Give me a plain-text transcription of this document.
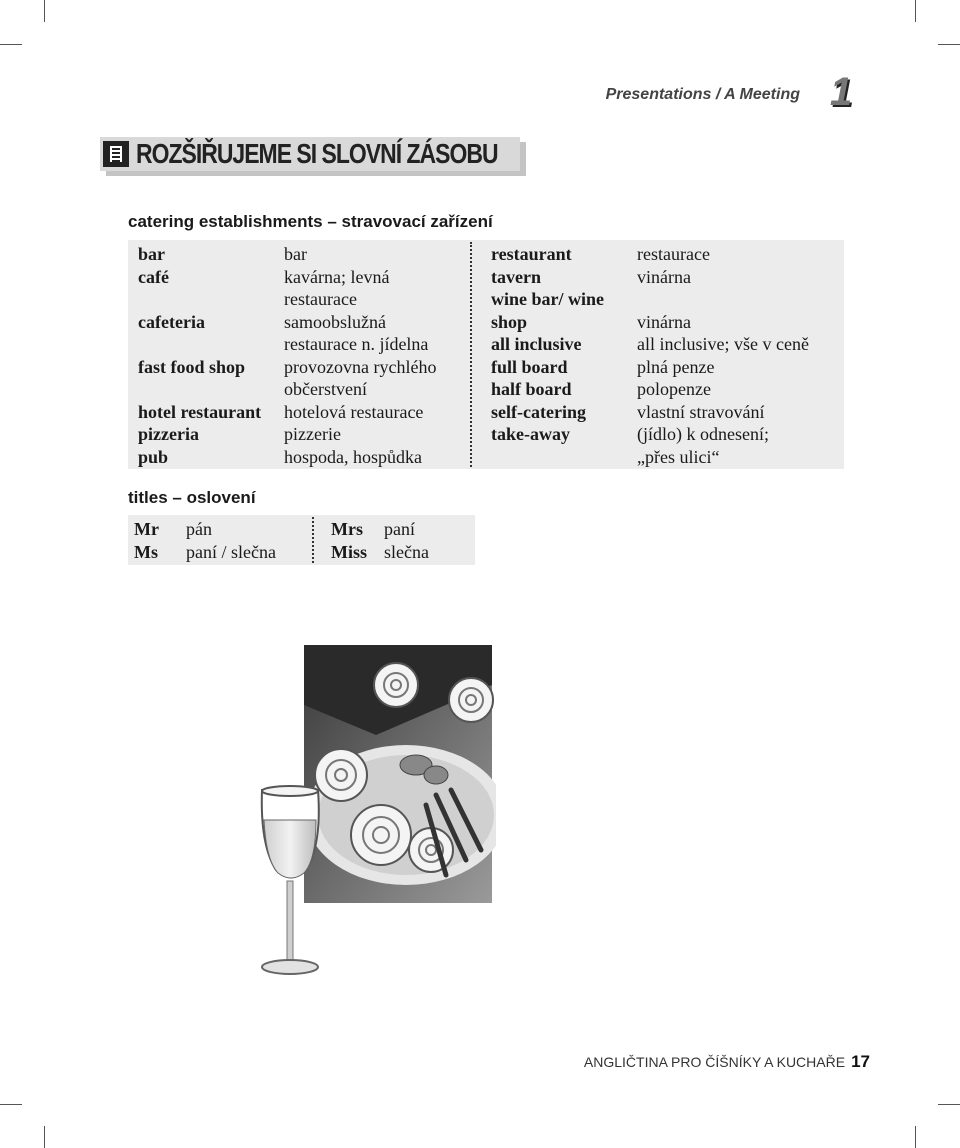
Presentations / A Meeting 1
ROZŠIŘUJEME SI SLOVNÍ ZÁSOBU
catering establishments – stravovací zařízení
bar
café
cafeteria
fast food shop
hotel restaurant
pizzeria
pub
bar
kavárna; levná
restaurace
samoobslužná
restaurace n. jídelna
provozovna rychlého
občerstvení
hotelová restaurace
pizzerie
hospoda, hospůdka
restaurant
tavern
wine bar/ wine
shop
all inclusive
full board
half board
self-catering
take-away
restaurace
vinárna
vinárna
all inclusive; vše v ceně
plná penze
polopenze
vlastní stravování
(jídlo) k odnesení;
„přes ulici“
titles – oslovení
Mr
Ms
pán
paní / slečna
Mrs
Miss
paní
slečna
ANGLIČTINA PRO ČÍŠNÍKY A KUCHAŘE 17
